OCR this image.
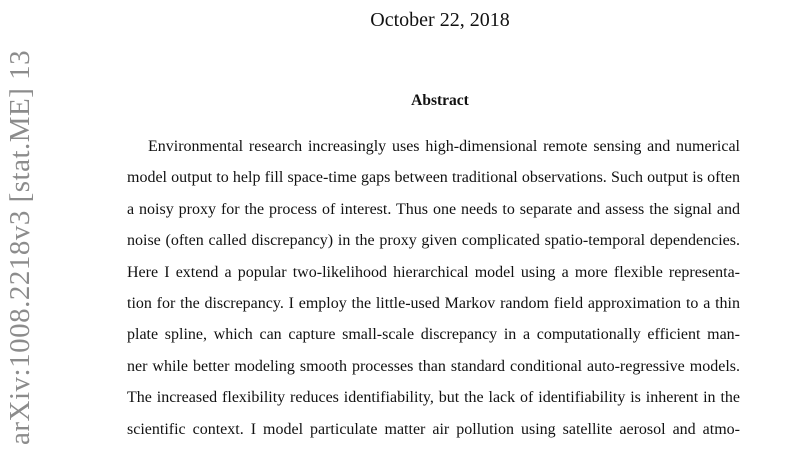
arXiv:1008.2218v3 [stat.ME] 13
October 22, 2018
Abstract
Environmental research increasingly uses high-dimensional remote sensing and numerical
model output to help fill space-time gaps between traditional observations. Such output is often
a noisy proxy for the process of interest. Thus one needs to separate and assess the signal and
noise (often called discrepancy) in the proxy given complicated spatio-temporal dependencies.
Here I extend a popular two-likelihood hierarchical model using a more flexible representa-
tion for the discrepancy. I employ the little-used Markov random field approximation to a thin
plate spline, which can capture small-scale discrepancy in a computationally efficient man-
ner while better modeling smooth processes than standard conditional auto-regressive models.
The increased flexibility reduces identifiability, but the lack of identifiability is inherent in the
scientific context. I model particulate matter air pollution using satellite aerosol and atmo-
